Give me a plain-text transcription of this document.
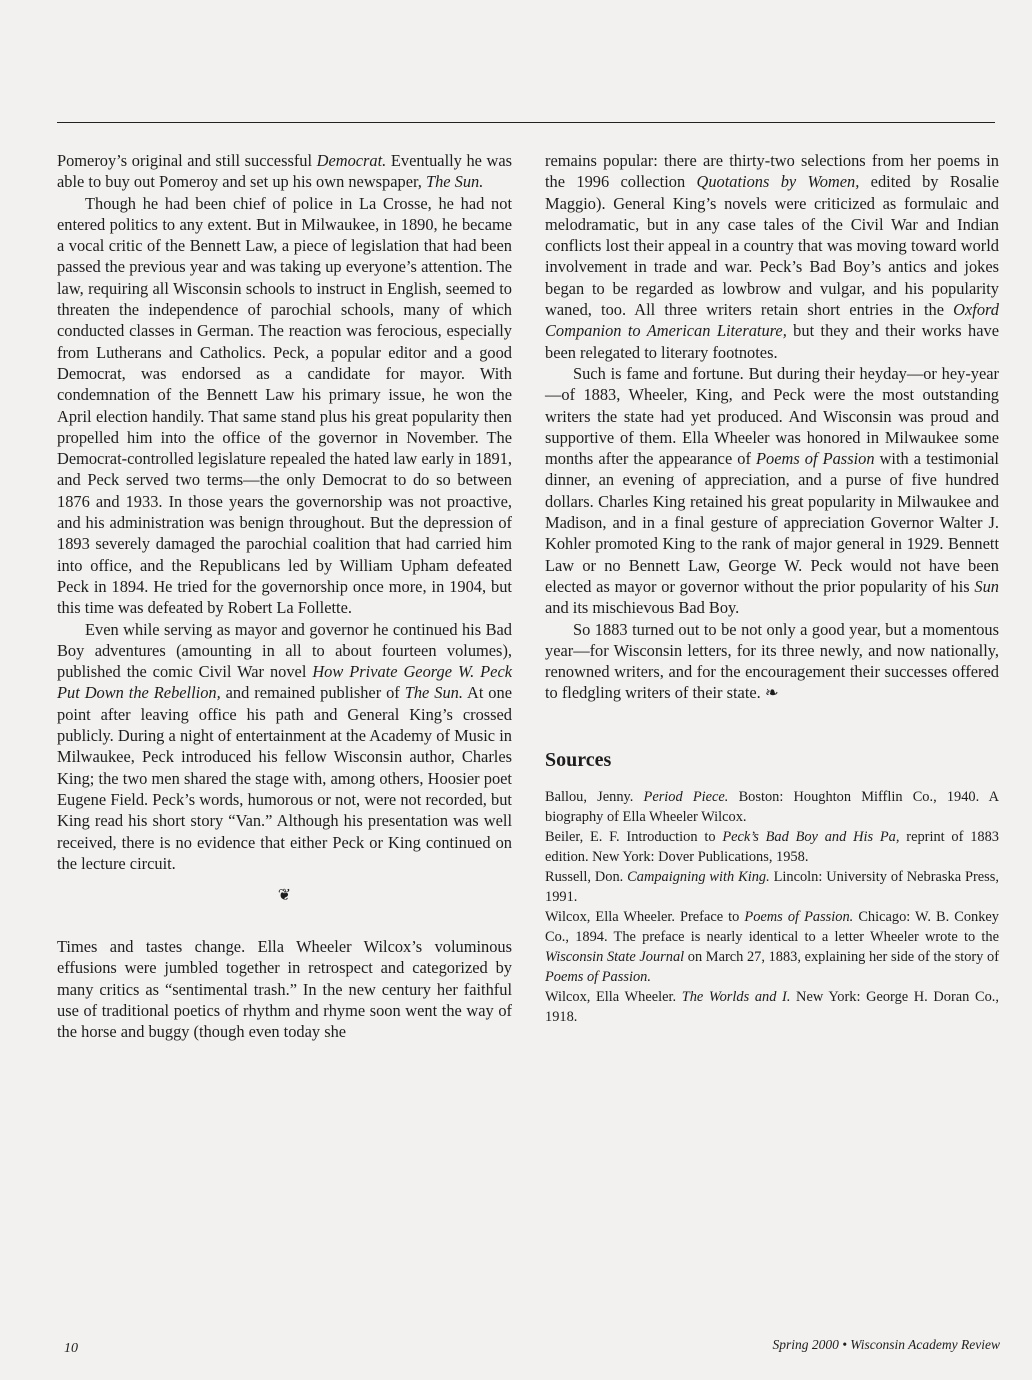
Pomeroy’s original and still successful Democrat. Eventually he was able to buy out Pomeroy and set up his own newspaper, The Sun.

Though he had been chief of police in La Crosse, he had not entered politics to any extent. But in Milwaukee, in 1890, he became a vocal critic of the Bennett Law, a piece of legislation that had been passed the previous year and was taking up everyone’s attention. The law, requiring all Wisconsin schools to instruct in English, seemed to threaten the independence of parochial schools, many of which conducted classes in German. The reaction was ferocious, especially from Lutherans and Catholics. Peck, a popular editor and a good Democrat, was endorsed as a candidate for mayor. With condemnation of the Bennett Law his primary issue, he won the April election handily. That same stand plus his great popularity then propelled him into the office of the governor in November. The Democrat-controlled legislature repealed the hated law early in 1891, and Peck served two terms—the only Democrat to do so between 1876 and 1933. In those years the governorship was not proactive, and his administration was benign throughout. But the depression of 1893 severely damaged the parochial coalition that had carried him into office, and the Republicans led by William Upham defeated Peck in 1894. He tried for the governorship once more, in 1904, but this time was defeated by Robert La Follette.

Even while serving as mayor and governor he continued his Bad Boy adventures (amounting in all to about fourteen volumes), published the comic Civil War novel How Private George W. Peck Put Down the Rebellion, and remained publisher of The Sun. At one point after leaving office his path and General King’s crossed publicly. During a night of entertainment at the Academy of Music in Milwaukee, Peck introduced his fellow Wisconsin author, Charles King; the two men shared the stage with, among others, Hoosier poet Eugene Field. Peck’s words, humorous or not, were not recorded, but King read his short story “Van.” Although his presentation was well received, there is no evidence that either Peck or King continued on the lecture circuit.

❦

Times and tastes change. Ella Wheeler Wilcox’s voluminous effusions were jumbled together in retrospect and categorized by many critics as “sentimental trash.” In the new century her faithful use of traditional poetics of rhythm and rhyme soon went the way of the horse and buggy (though even today she

remains popular: there are thirty-two selections from her poems in the 1996 collection Quotations by Women, edited by Rosalie Maggio). General King’s novels were criticized as formulaic and melodramatic, but in any case tales of the Civil War and Indian conflicts lost their appeal in a country that was moving toward world involvement in trade and war. Peck’s Bad Boy’s antics and jokes began to be regarded as lowbrow and vulgar, and his popularity waned, too. All three writers retain short entries in the Oxford Companion to American Literature, but they and their works have been relegated to literary footnotes.

Such is fame and fortune. But during their heyday—or hey-year—of 1883, Wheeler, King, and Peck were the most outstanding writers the state had yet produced. And Wisconsin was proud and supportive of them. Ella Wheeler was honored in Milwaukee some months after the appearance of Poems of Passion with a testimonial dinner, an evening of appreciation, and a purse of five hundred dollars. Charles King retained his great popularity in Milwaukee and Madison, and in a final gesture of appreciation Governor Walter J. Kohler promoted King to the rank of major general in 1929. Bennett Law or no Bennett Law, George W. Peck would not have been elected as mayor or governor without the prior popularity of his Sun and its mischievous Bad Boy.

So 1883 turned out to be not only a good year, but a momentous year—for Wisconsin letters, for its three newly, and now nationally, renowned writers, and for the encouragement their successes offered to fledgling writers of their state. ❧

Sources

Ballou, Jenny. Period Piece. Boston: Houghton Mifflin Co., 1940. A biography of Ella Wheeler Wilcox.

Beiler, E. F. Introduction to Peck’s Bad Boy and His Pa, reprint of 1883 edition. New York: Dover Publications, 1958.

Russell, Don. Campaigning with King. Lincoln: University of Nebraska Press, 1991.

Wilcox, Ella Wheeler. Preface to Poems of Passion. Chicago: W. B. Conkey Co., 1894. The preface is nearly identical to a letter Wheeler wrote to the Wisconsin State Journal on March 27, 1883, explaining her side of the story of Poems of Passion.

Wilcox, Ella Wheeler. The Worlds and I. New York: George H. Doran Co., 1918.

10	Spring 2000 • Wisconsin Academy Review
